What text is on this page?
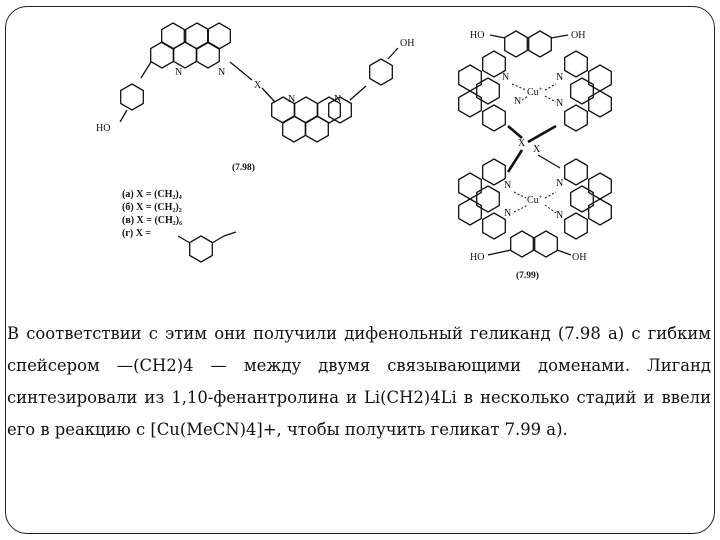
N	N
HO
X
N	N
OH
(7.98)
(а) X = (CH₂)₄
(б) X = (CH₂)₂
(в) X = (CH₂)₆
(г) X =
HO	OH
N
N
N
N
Cu+
X
X
N
N
N
N
Cu+
HO	OH
(7.99)
В соответствии с этим они получили дифенольный геликанд (7.98 а) с гибким спейсером —(CH2)4 — между двумя связывающими доменами. Лиганд синтезировали из 1,10-фенантролина и Li(CH2)4Li в несколько стадий и ввели его в реакцию с [Cu(MeCN)4]+, чтобы получить геликат 7.99 а).
